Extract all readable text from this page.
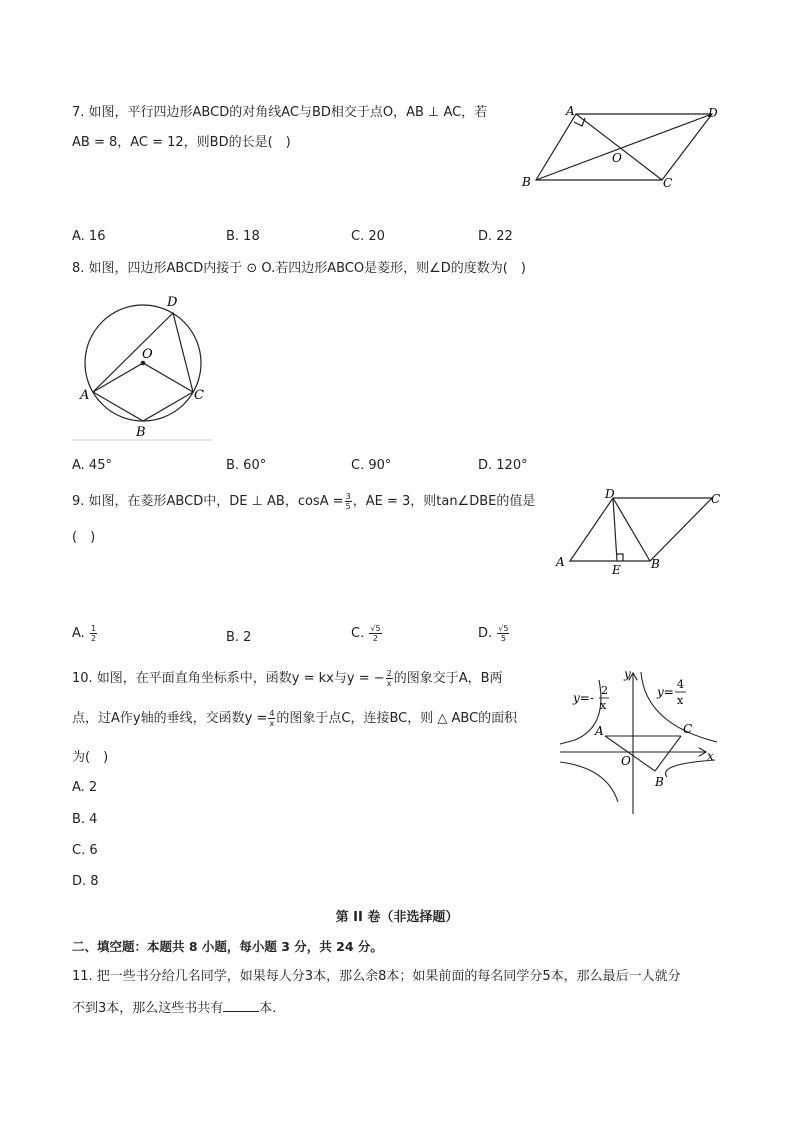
7. 如图，平行四边形ABCD的对角线AC与BD相交于点O，AB ⊥ AC，若
AB = 8，AC = 12，则BD的长是(　)
A	D
O
B	C
A. 16	B. 18	C. 20	D. 22
8. 如图，四边形ABCD内接于 ⊙ O.若四边形ABCO是菱形，则∠D的度数为(　)
D
O
A	C
B
A. 45°	B. 60°	C. 90°	D. 120°
9. 如图，在菱形ABCD中，DE ⊥ AB，$\cos A = \frac{3}{5}$ ，AE = 3，则tan∠DBE的值是
(　)
D	C
A
E	B
A. $\frac{1}{2}$	B. 2	C. $\frac{√5}{2}$	D. $\frac{√5}{5}$
10. 如图，在平面直角坐标系中，函数y = kx与y = − $\frac{2}{x}$ 的图象交于A，B两
点，过A作y轴的垂线，交函数$y = \frac{4}{x}$ 的图象于点C，连接BC，则 △ ABC的面积
为(　)
A. 2
B. 4
C. 6
D. 8
y=-
2
x
y=
4
x
y
A	C
O	x
B
第 II 卷（非选择题）
二、填空题：本题共 8 小题，每小题 3 分，共 24 分。
11. 把一些书分给几名同学，如果每人分3本，那么余8本；如果前面的每名同学分5本，那么最后一人就分
不到3本，那么这些书共有	本．
